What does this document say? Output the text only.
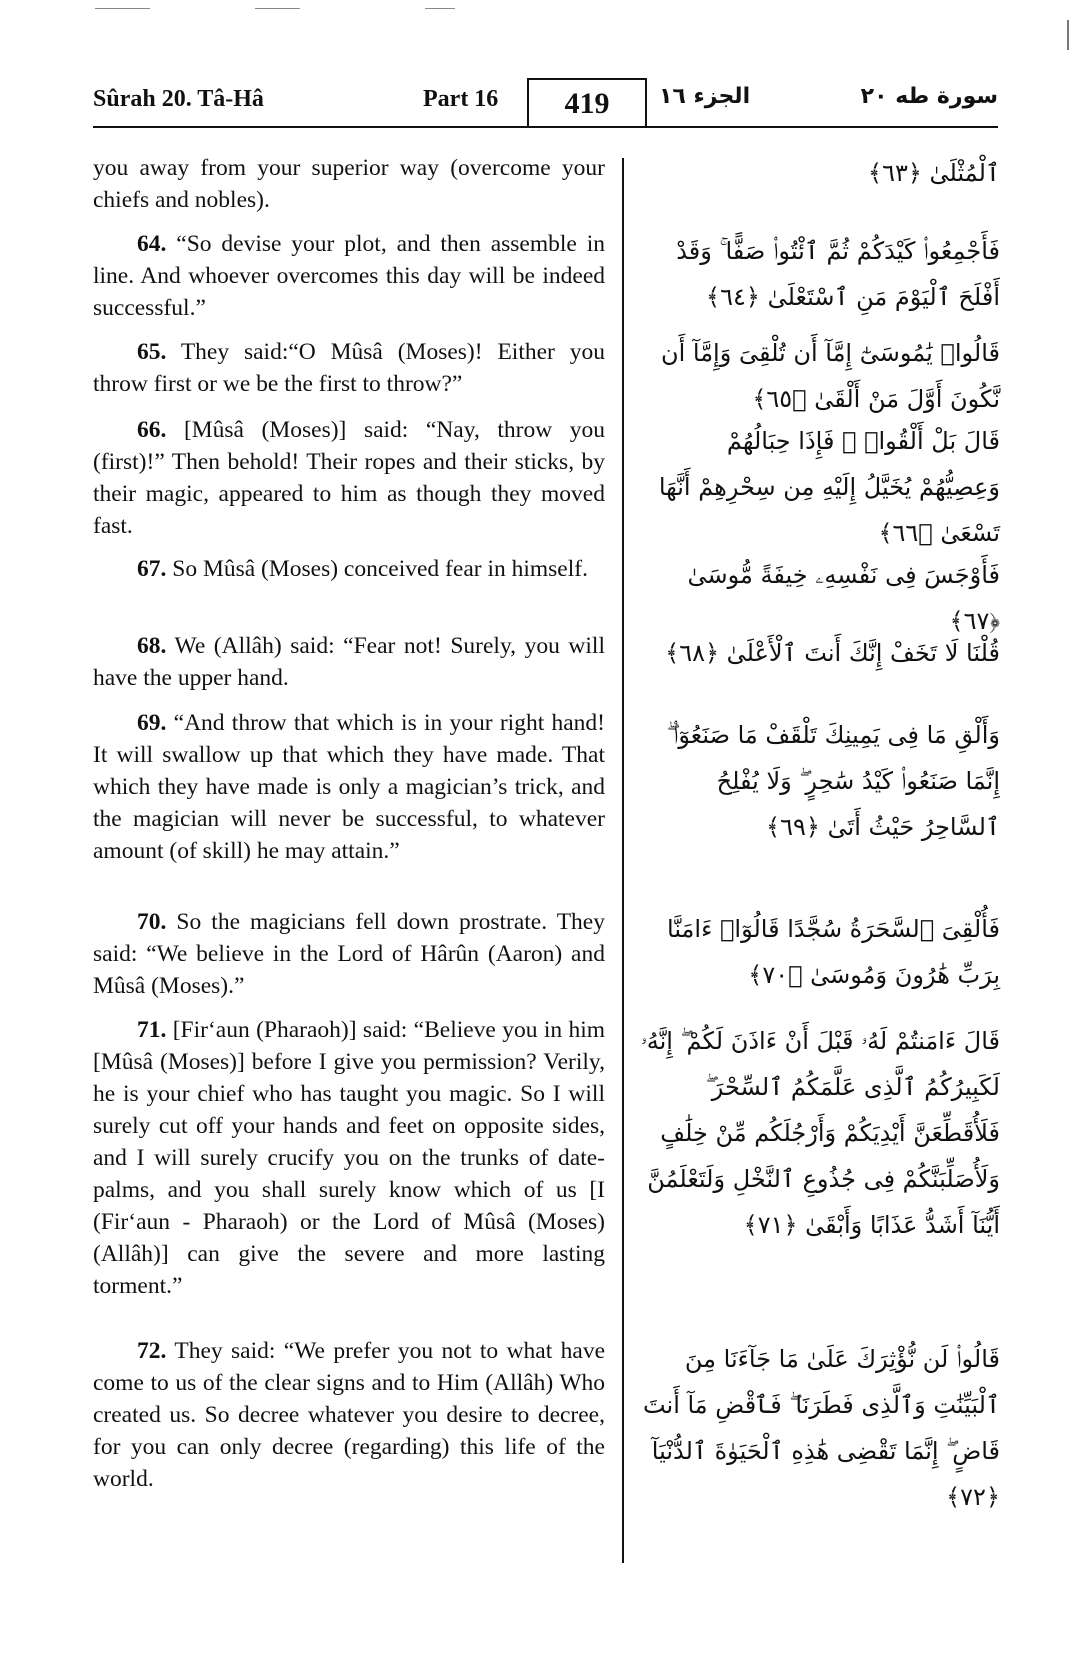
Sûrah 20. Tâ-Hâ	Part 16	419	الجزء ١٦	سورة طه ٢٠
you away from your superior way (overcome your chiefs and nobles).
64. “So devise your plot, and then assemble in line. And whoever overcomes this day will be indeed successful.”
65. They said:“O Mûsâ (Moses)! Either you throw first or we be the first to throw?”
66. [Mûsâ (Moses)] said: “Nay, throw you (first)!” Then behold! Their ropes and their sticks, by their magic, appeared to him as though they moved fast.
67. So Mûsâ (Moses) conceived fear in himself.
68. We (Allâh) said: “Fear not! Surely, you will have the upper hand.
69. “And throw that which is in your right hand! It will swallow up that which they have made. That which they have made is only a magician’s trick, and the magician will never be successful, to whatever amount (of skill) he may attain.”
70. So the magicians fell down prostrate. They said: “We believe in the Lord of Hârûn (Aaron) and Mûsâ (Moses).”
71. [Fir‘aun (Pharaoh)] said: “Believe you in him [Mûsâ (Moses)] before I give you permission? Verily, he is your chief who has taught you magic. So I will surely cut off your hands and feet on opposite sides, and I will surely crucify you on the trunks of date-palms, and you shall surely know which of us [I (Fir‘aun - Pharaoh) or the Lord of Mûsâ (Moses) (Allâh)] can give the severe and more lasting torment.”
72. They said: “We prefer you not to what have come to us of the clear signs and to Him (Allâh) Who created us. So decree whatever you desire to decree, for you can only decree (regarding) this life of the world.
ٱلْمُثْلَىٰ ﴿٦٣﴾
فَأَجْمِعُوا۟ كَيْدَكُمْ ثُمَّ ٱئْتُوا۟ صَفًّا ۚ وَقَدْ أَفْلَحَ ٱلْيَوْمَ مَنِ ٱسْتَعْلَىٰ ﴿٦٤﴾
قَالُوا۟ يَٰمُوسَىٰٓ إِمَّآ أَن تُلْقِىَ وَإِمَّآ أَن نَّكُونَ أَوَّلَ مَنْ أَلْقَىٰ ﴿٦٥﴾
قَالَ بَلْ أَلْقُوا۟ ۖ فَإِذَا حِبَالُهُمْ وَعِصِيُّهُمْ يُخَيَّلُ إِلَيْهِ مِن سِحْرِهِمْ أَنَّهَا تَسْعَىٰ ﴿٦٦﴾
فَأَوْجَسَ فِى نَفْسِهِۦ خِيفَةً مُّوسَىٰ ﴿٦٧﴾
قُلْنَا لَا تَخَفْ إِنَّكَ أَنتَ ٱلْأَعْلَىٰ ﴿٦٨﴾
وَأَلْقِ مَا فِى يَمِينِكَ تَلْقَفْ مَا صَنَعُوٓا۟ ۖ إِنَّمَا صَنَعُوا۟ كَيْدُ سَٰحِرٍ ۖ وَلَا يُفْلِحُ ٱلسَّاحِرُ حَيْثُ أَتَىٰ ﴿٦٩﴾
فَأُلْقِىَ ٱلسَّحَرَةُ سُجَّدًا قَالُوٓا۟ ءَامَنَّا بِرَبِّ هَٰرُونَ وَمُوسَىٰ ﴿٧٠﴾
قَالَ ءَامَنتُمْ لَهُۥ قَبْلَ أَنْ ءَاذَنَ لَكُمْ ۖ إِنَّهُۥ لَكَبِيرُكُمُ ٱلَّذِى عَلَّمَكُمُ ٱلسِّحْرَ ۖ فَلَأُقَطِّعَنَّ أَيْدِيَكُمْ وَأَرْجُلَكُم مِّنْ خِلَٰفٍ وَلَأُصَلِّبَنَّكُمْ فِى جُذُوعِ ٱلنَّخْلِ وَلَتَعْلَمُنَّ أَيُّنَآ أَشَدُّ عَذَابًا وَأَبْقَىٰ ﴿٧١﴾
قَالُوا۟ لَن نُّؤْثِرَكَ عَلَىٰ مَا جَآءَنَا مِنَ ٱلْبَيِّنَٰتِ وَٱلَّذِى فَطَرَنَا ۖ فَٱقْضِ مَآ أَنتَ قَاضٍ ۖ إِنَّمَا تَقْضِى هَٰذِهِ ٱلْحَيَوٰةَ ٱلدُّنْيَآ ﴿٧٢﴾
